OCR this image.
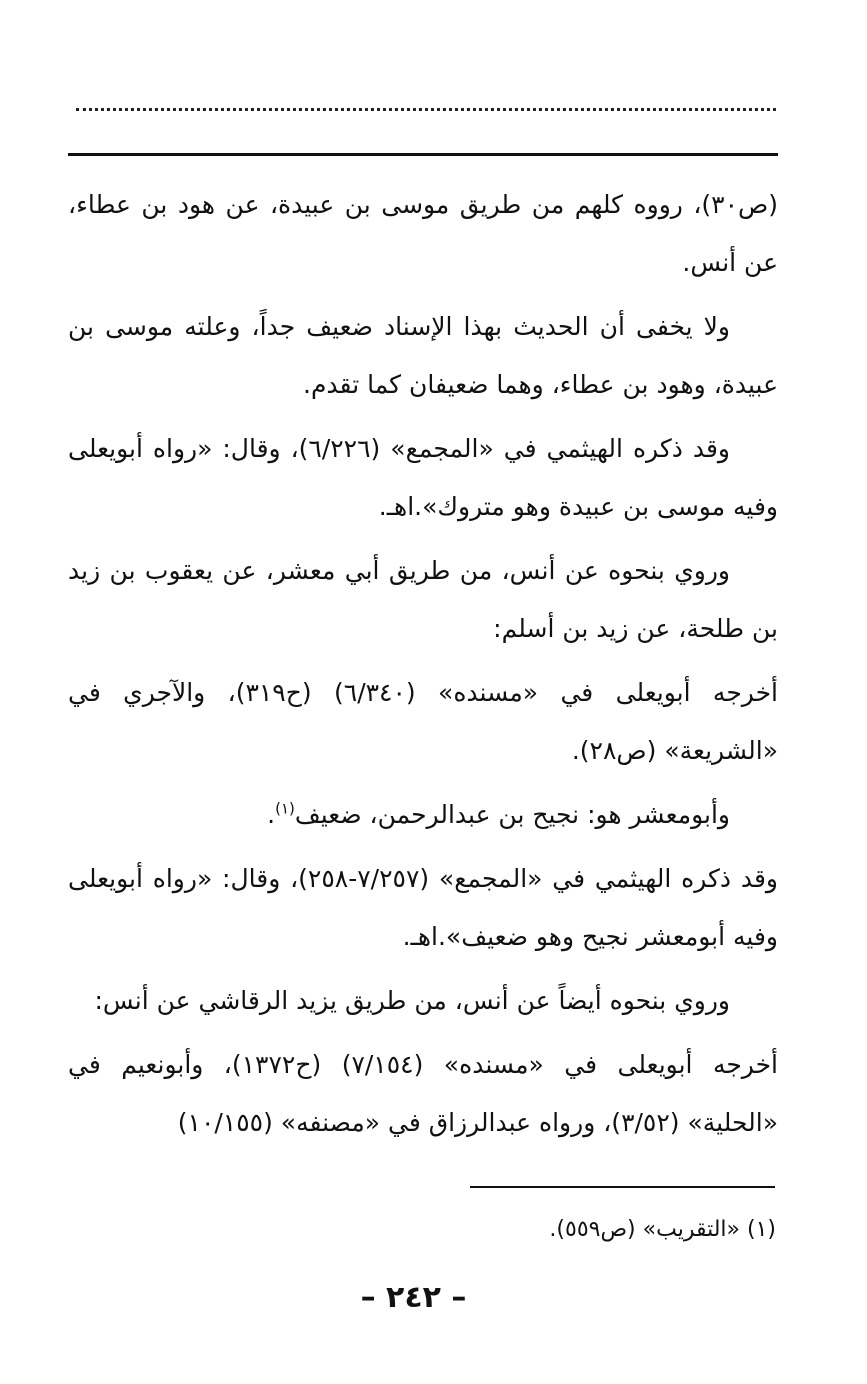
(ص٣٠)، رووه كلهم من طريق موسى بن عبيدة، عن هود بن عطاء، عن أنس.

ولا يخفى أن الحديث بهذا الإسناد ضعيف جداً، وعلته موسى بن عبيدة، وهود بن عطاء، وهما ضعيفان كما تقدم.

وقد ذكره الهيثمي في «المجمع» (٦/٢٢٦)، وقال: «رواه أبويعلى وفيه موسى بن عبيدة وهو متروك».اهـ.

وروي بنحوه عن أنس، من طريق أبي معشر، عن يعقوب بن زيد بن طلحة، عن زيد بن أسلم:

أخرجه أبويعلى في «مسنده» (٦/٣٤٠) (ح٣١٩)، والآجري في «الشريعة» (ص٢٨).

وأبومعشر هو: نجيح بن عبدالرحمن، ضعيف$^{(١)}$.

وقد ذكره الهيثمي في «المجمع» (٧/٢٥٧-٢٥٨)، وقال: «رواه أبويعلى وفيه أبومعشر نجيح وهو ضعيف».اهـ.

وروي بنحوه أيضاً عن أنس، من طريق يزيد الرقاشي عن أنس:

أخرجه أبويعلى في «مسنده» (٧/١٥٤) (ح١٣٧٢)، وأبونعيم في «الحلية» (٣/٥٢)، ورواه عبدالرزاق في «مصنفه» (١٠/١٥٥)

(١) «التقريب» (ص٥٥٩).
– ٢٤٢ –
